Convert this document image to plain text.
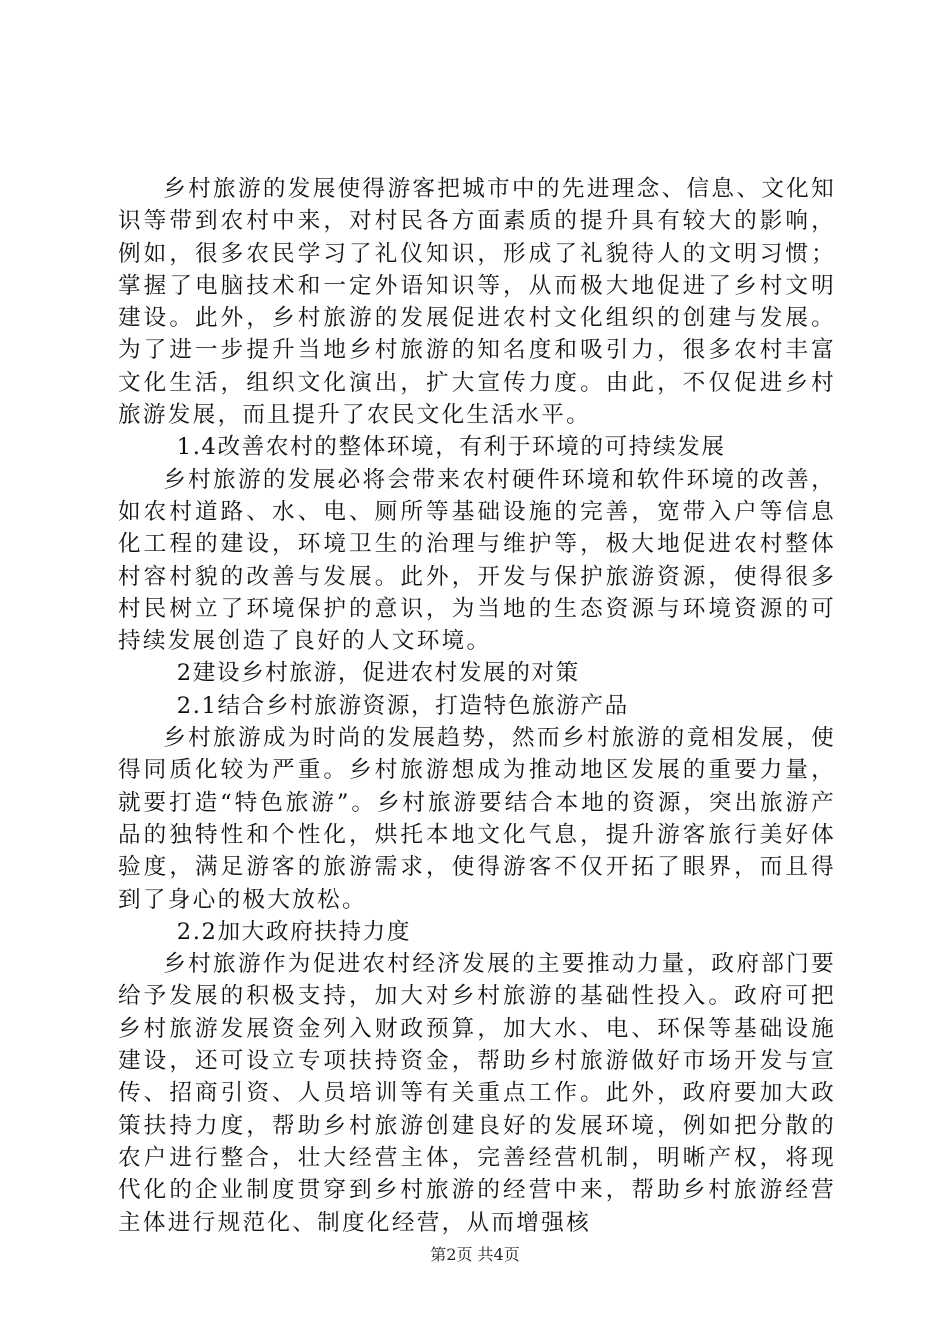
乡村旅游的发展使得游客把城市中的先进理念、信息、文化知识等带到农村中来，对村民各方面素质的提升具有较大的影响，例如，很多农民学习了礼仪知识，形成了礼貌待人的文明习惯；掌握了电脑技术和一定外语知识等，从而极大地促进了乡村文明建设。此外，乡村旅游的发展促进农村文化组织的创建与发展。为了进一步提升当地乡村旅游的知名度和吸引力，很多农村丰富文化生活，组织文化演出，扩大宣传力度。由此，不仅促进乡村旅游发展，而且提升了农民文化生活水平。

1.4改善农村的整体环境，有利于环境的可持续发展

乡村旅游的发展必将会带来农村硬件环境和软件环境的改善，如农村道路、水、电、厕所等基础设施的完善，宽带入户等信息化工程的建设，环境卫生的治理与维护等，极大地促进农村整体村容村貌的改善与发展。此外，开发与保护旅游资源，使得很多村民树立了环境保护的意识，为当地的生态资源与环境资源的可持续发展创造了良好的人文环境。

2建设乡村旅游，促进农村发展的对策

2.1结合乡村旅游资源，打造特色旅游产品

乡村旅游成为时尚的发展趋势，然而乡村旅游的竟相发展，使得同质化较为严重。乡村旅游想成为推动地区发展的重要力量，就要打造“特色旅游”。乡村旅游要结合本地的资源，突出旅游产品的独特性和个性化，烘托本地文化气息，提升游客旅行美好体验度，满足游客的旅游需求，使得游客不仅开拓了眼界，而且得到了身心的极大放松。

2.2加大政府扶持力度

乡村旅游作为促进农村经济发展的主要推动力量，政府部门要给予发展的积极支持，加大对乡村旅游的基础性投入。政府可把乡村旅游发展资金列入财政预算，加大水、电、环保等基础设施建设，还可设立专项扶持资金，帮助乡村旅游做好市场开发与宣传、招商引资、人员培训等有关重点工作。此外，政府要加大政策扶持力度，帮助乡村旅游创建良好的发展环境，例如把分散的农户进行整合，壮大经营主体，完善经营机制，明晰产权，将现代化的企业制度贯穿到乡村旅游的经营中来，帮助乡村旅游经营主体进行规范化、制度化经营，从而增强核

第2页 共4页
